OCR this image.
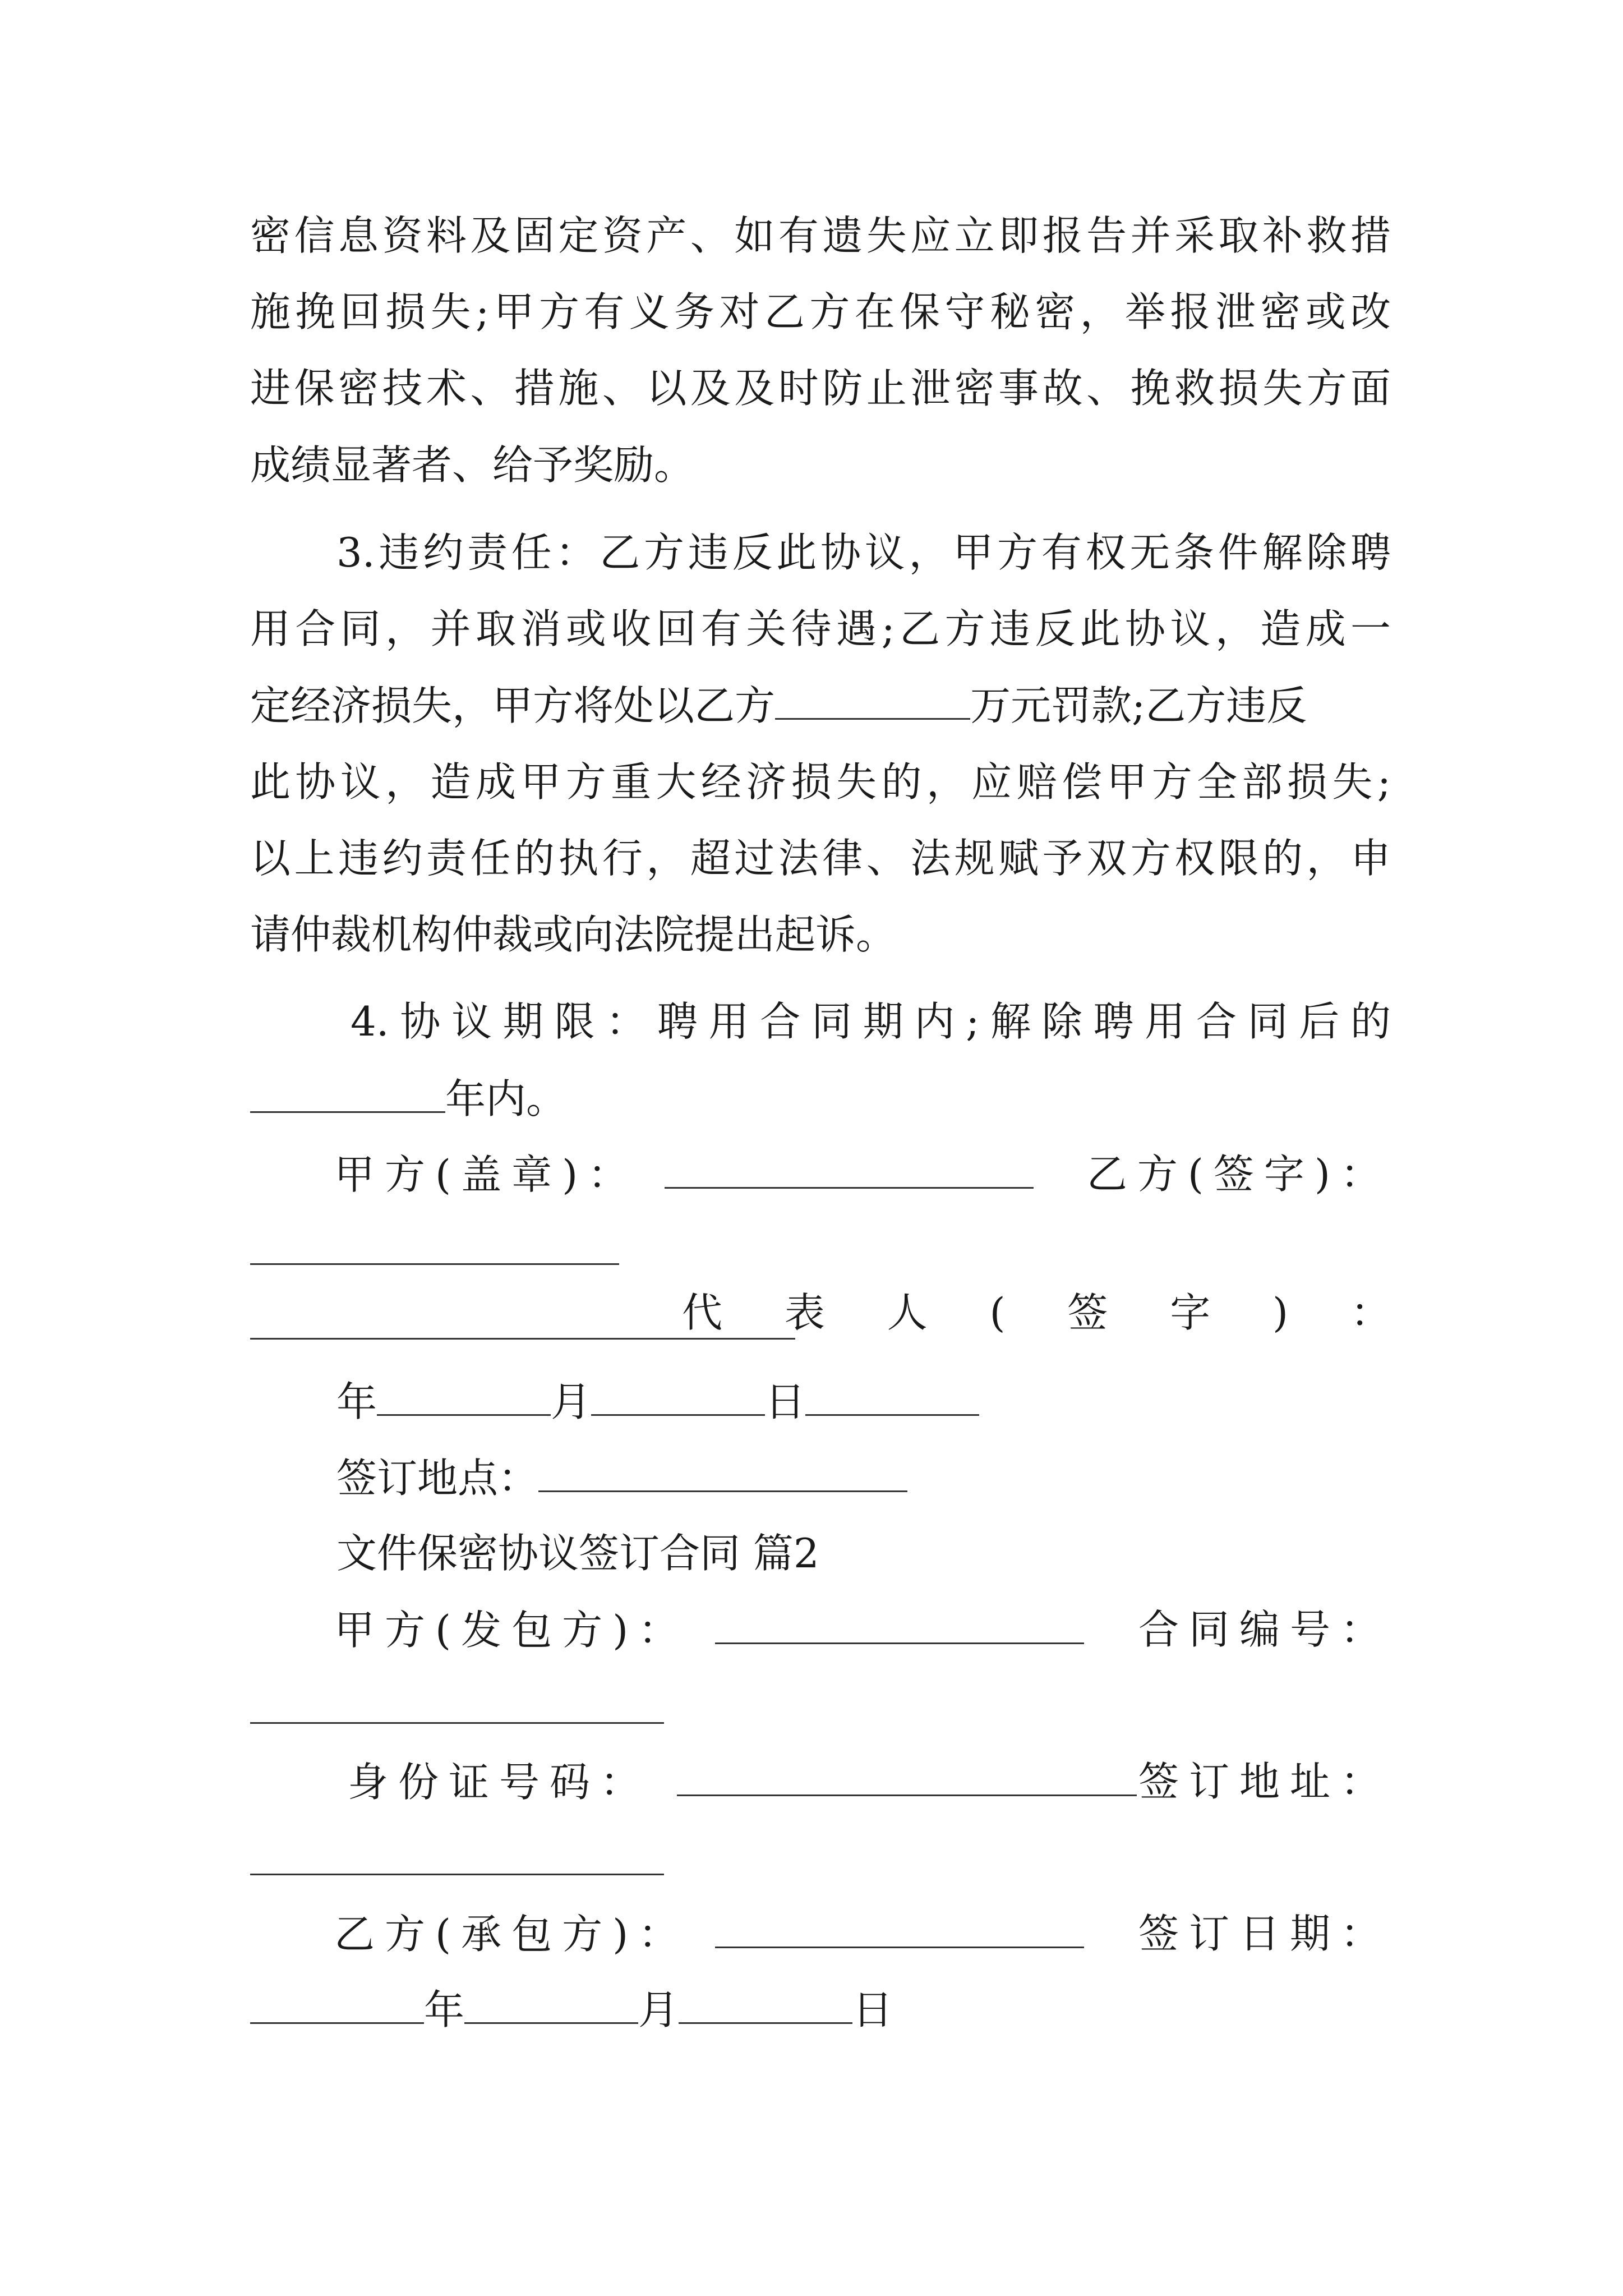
密信息资料及固定资产、如有遗失应立即报告并采取补救措
施挽回损失;甲方有义务对乙方在保守秘密，举报泄密或改
进保密技术、措施、以及及时防止泄密事故、挽救损失方面
成绩显著者、给予奖励。
3.违约责任：乙方违反此协议，甲方有权无条件解除聘
用合同，并取消或收回有关待遇;乙方违反此协议，造成一
定经济损失，甲方将处以乙方	万元罚款;乙方违反
此协议，造成甲方重大经济损失的，应赔偿甲方全部损失;
以上违约责任的执行，超过法律、法规赋予双方权限的，申
请仲裁机构仲裁或向法院提出起诉。
4.协议期限：聘用合同期内;解除聘用合同后的
年内。
甲方(盖章)：	乙方(签字)：
代 表 人 ( 签 字 ) ：
年	月	日
签订地点：
文件保密协议签订合同 篇2
甲方(发包方)：	合同编号：
身份证号码：	签订地址：
乙方(承包方)：	签订日期：
年	月	日
